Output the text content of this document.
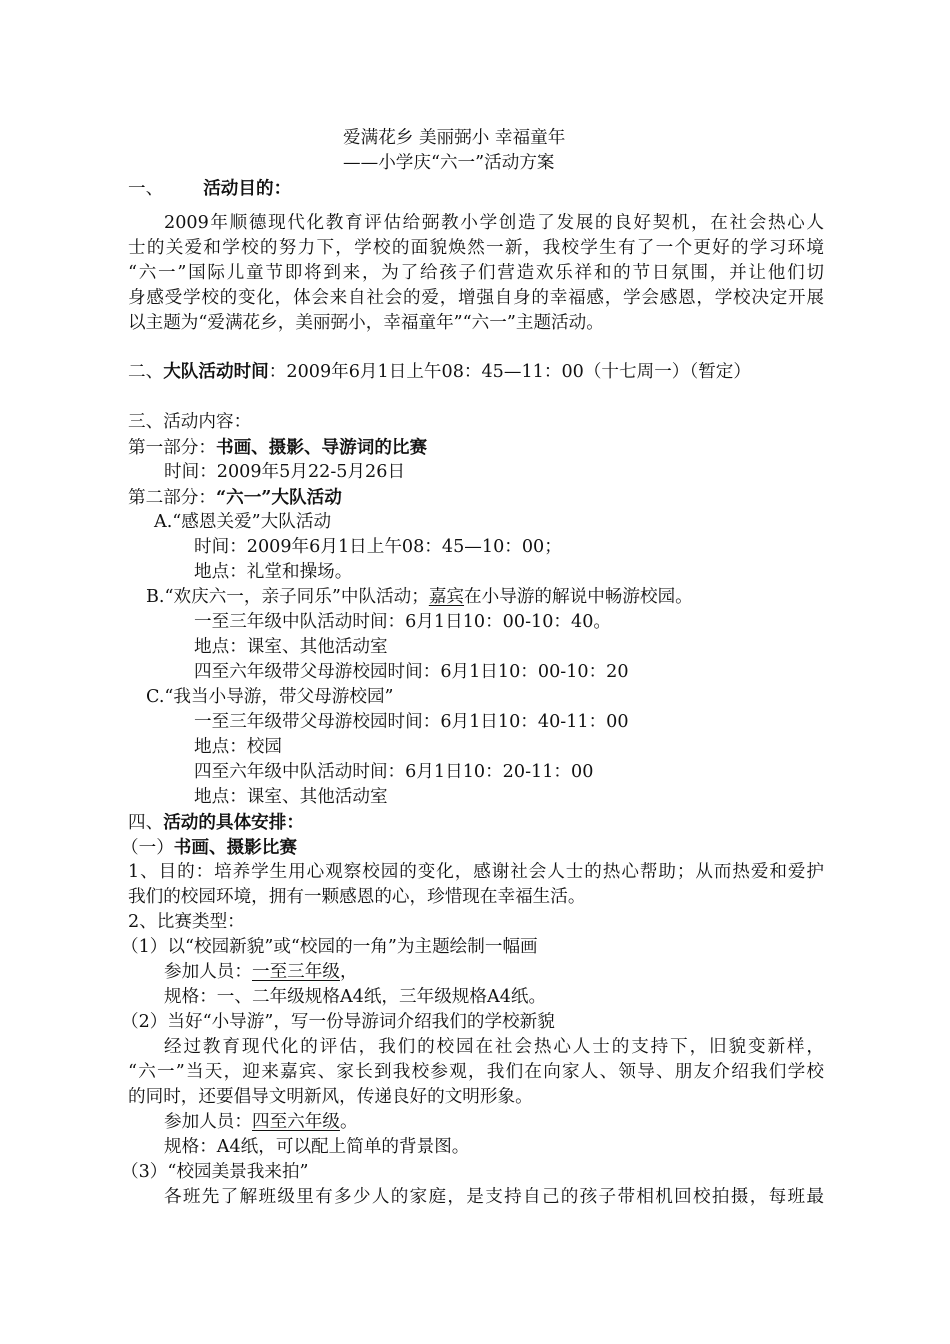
爱满花乡 美丽弼小 幸福童年
——小学庆“六一”活动方案
一、 活动目的：
2009年顺德现代化教育评估给弼教小学创造了发展的良好契机，在社会热心人
士的关爱和学校的努力下，学校的面貌焕然一新，我校学生有了一个更好的学习环境
“六一”国际儿童节即将到来，为了给孩子们营造欢乐祥和的节日氛围，并让他们切
身感受学校的变化，体会来自社会的爱，增强自身的幸福感，学会感恩，学校决定开展
以主题为“爱满花乡，美丽弼小，幸福童年”“六一”主题活动。
二、大队活动时间：2009年6月1日上午08：45—11：00（十七周一）（暂定）
三、活动内容：
第一部分：书画、摄影、导游词的比赛
时间：2009年5月22-5月26日
第二部分：“六一”大队活动
A.“感恩关爱”大队活动
时间：2009年6月1日上午08：45—10：00；
地点：礼堂和操场。
B.“欢庆六一，亲子同乐”中队活动；嘉宾在小导游的解说中畅游校园。
一至三年级中队活动时间：6月1日10：00-10：40。
地点：课室、其他活动室
四至六年级带父母游校园时间：6月1日10：00-10：20
C.“我当小导游，带父母游校园”
一至三年级带父母游校园时间：6月1日10：40-11：00
地点：校园
四至六年级中队活动时间：6月1日10：20-11：00
地点：课室、其他活动室
四、活动的具体安排：
（一）书画、摄影比赛
1、目的：培养学生用心观察校园的变化，感谢社会人士的热心帮助；从而热爱和爱护
我们的校园环境，拥有一颗感恩的心，珍惜现在幸福生活。
2、比赛类型：
（1）以“校园新貌”或“校园的一角”为主题绘制一幅画
参加人员：一至三年级，
规格：一、二年级规格A4纸，三年级规格A4纸。
（2）当好“小导游”，写一份导游词介绍我们的学校新貌
经过教育现代化的评估，我们的校园在社会热心人士的支持下，旧貌变新样，
“六一”当天，迎来嘉宾、家长到我校参观，我们在向家人、领导、朋友介绍我们学校
的同时，还要倡导文明新风，传递良好的文明形象。
参加人员：四至六年级。
规格：A4纸，可以配上简单的背景图。
（3）“校园美景我来拍”
各班先了解班级里有多少人的家庭，是支持自己的孩子带相机回校拍摄，每班最
